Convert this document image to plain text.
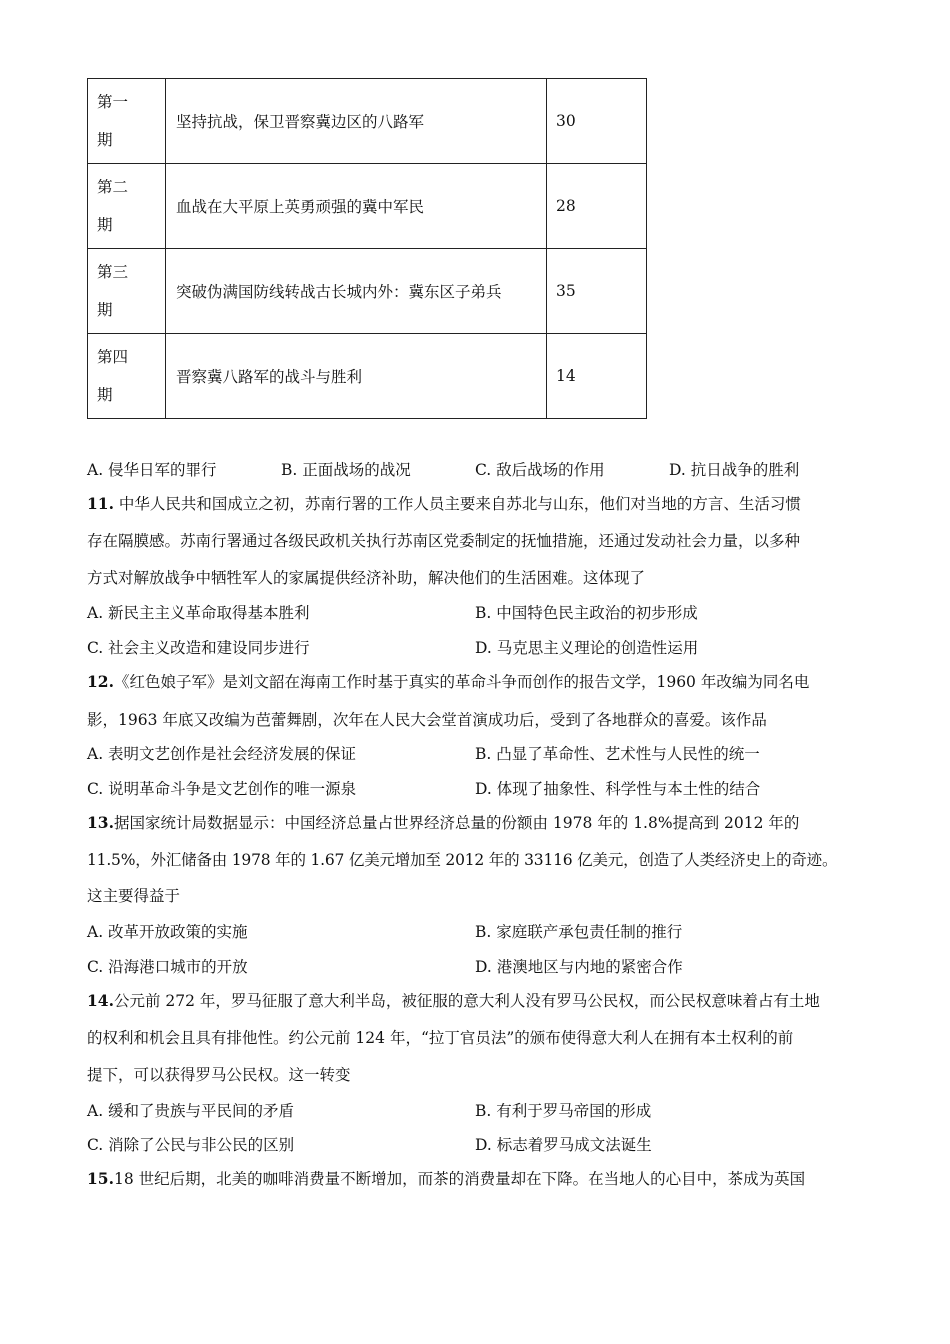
第一
期	坚持抗战，保卫晋察冀边区的八路军	30
第二
期	血战在大平原上英勇顽强的冀中军民	28
第三
期	突破伪满国防线转战古长城内外：冀东区子弟兵	35
第四
期	晋察冀八路军的战斗与胜利	14
A. 侵华日军的罪行	B. 正面战场的战况	C. 敌后战场的作用	D. 抗日战争的胜利
11. 中华人民共和国成立之初，苏南行署的工作人员主要来自苏北与山东，他们对当地的方言、生活习惯
存在隔膜感。苏南行署通过各级民政机关执行苏南区党委制定的抚恤措施，还通过发动社会力量，以多种
方式对解放战争中牺牲军人的家属提供经济补助，解决他们的生活困难。这体现了
A. 新民主主义革命取得基本胜利	B. 中国特色民主政治的初步形成
C. 社会主义改造和建设同步进行	D. 马克思主义理论的创造性运用
12.《红色娘子军》是刘文韶在海南工作时基于真实的革命斗争而创作的报告文学，1960 年改编为同名电
影，1963 年底又改编为芭蕾舞剧，次年在人民大会堂首演成功后，受到了各地群众的喜爱。该作品
A. 表明文艺创作是社会经济发展的保证	B. 凸显了革命性、艺术性与人民性的统一
C. 说明革命斗争是文艺创作的唯一源泉	D. 体现了抽象性、科学性与本土性的结合
13.据国家统计局数据显示：中国经济总量占世界经济总量的份额由 1978 年的 1.8%提高到 2012 年的
11.5%，外汇储备由 1978 年的 1.67 亿美元增加至 2012 年的 33116 亿美元，创造了人类经济史上的奇迹。
这主要得益于
A. 改革开放政策的实施	B. 家庭联产承包责任制的推行
C. 沿海港口城市的开放	D. 港澳地区与内地的紧密合作
14.公元前 272 年，罗马征服了意大利半岛，被征服的意大利人没有罗马公民权，而公民权意味着占有土地
的权利和机会且具有排他性。约公元前 124 年，“拉丁官员法”的颁布使得意大利人在拥有本土权利的前
提下，可以获得罗马公民权。这一转变
A. 缓和了贵族与平民间的矛盾	B. 有利于罗马帝国的形成
C. 消除了公民与非公民的区别	D. 标志着罗马成文法诞生
15.18 世纪后期，北美的咖啡消费量不断增加，而茶的消费量却在下降。在当地人的心目中，茶成为英国
